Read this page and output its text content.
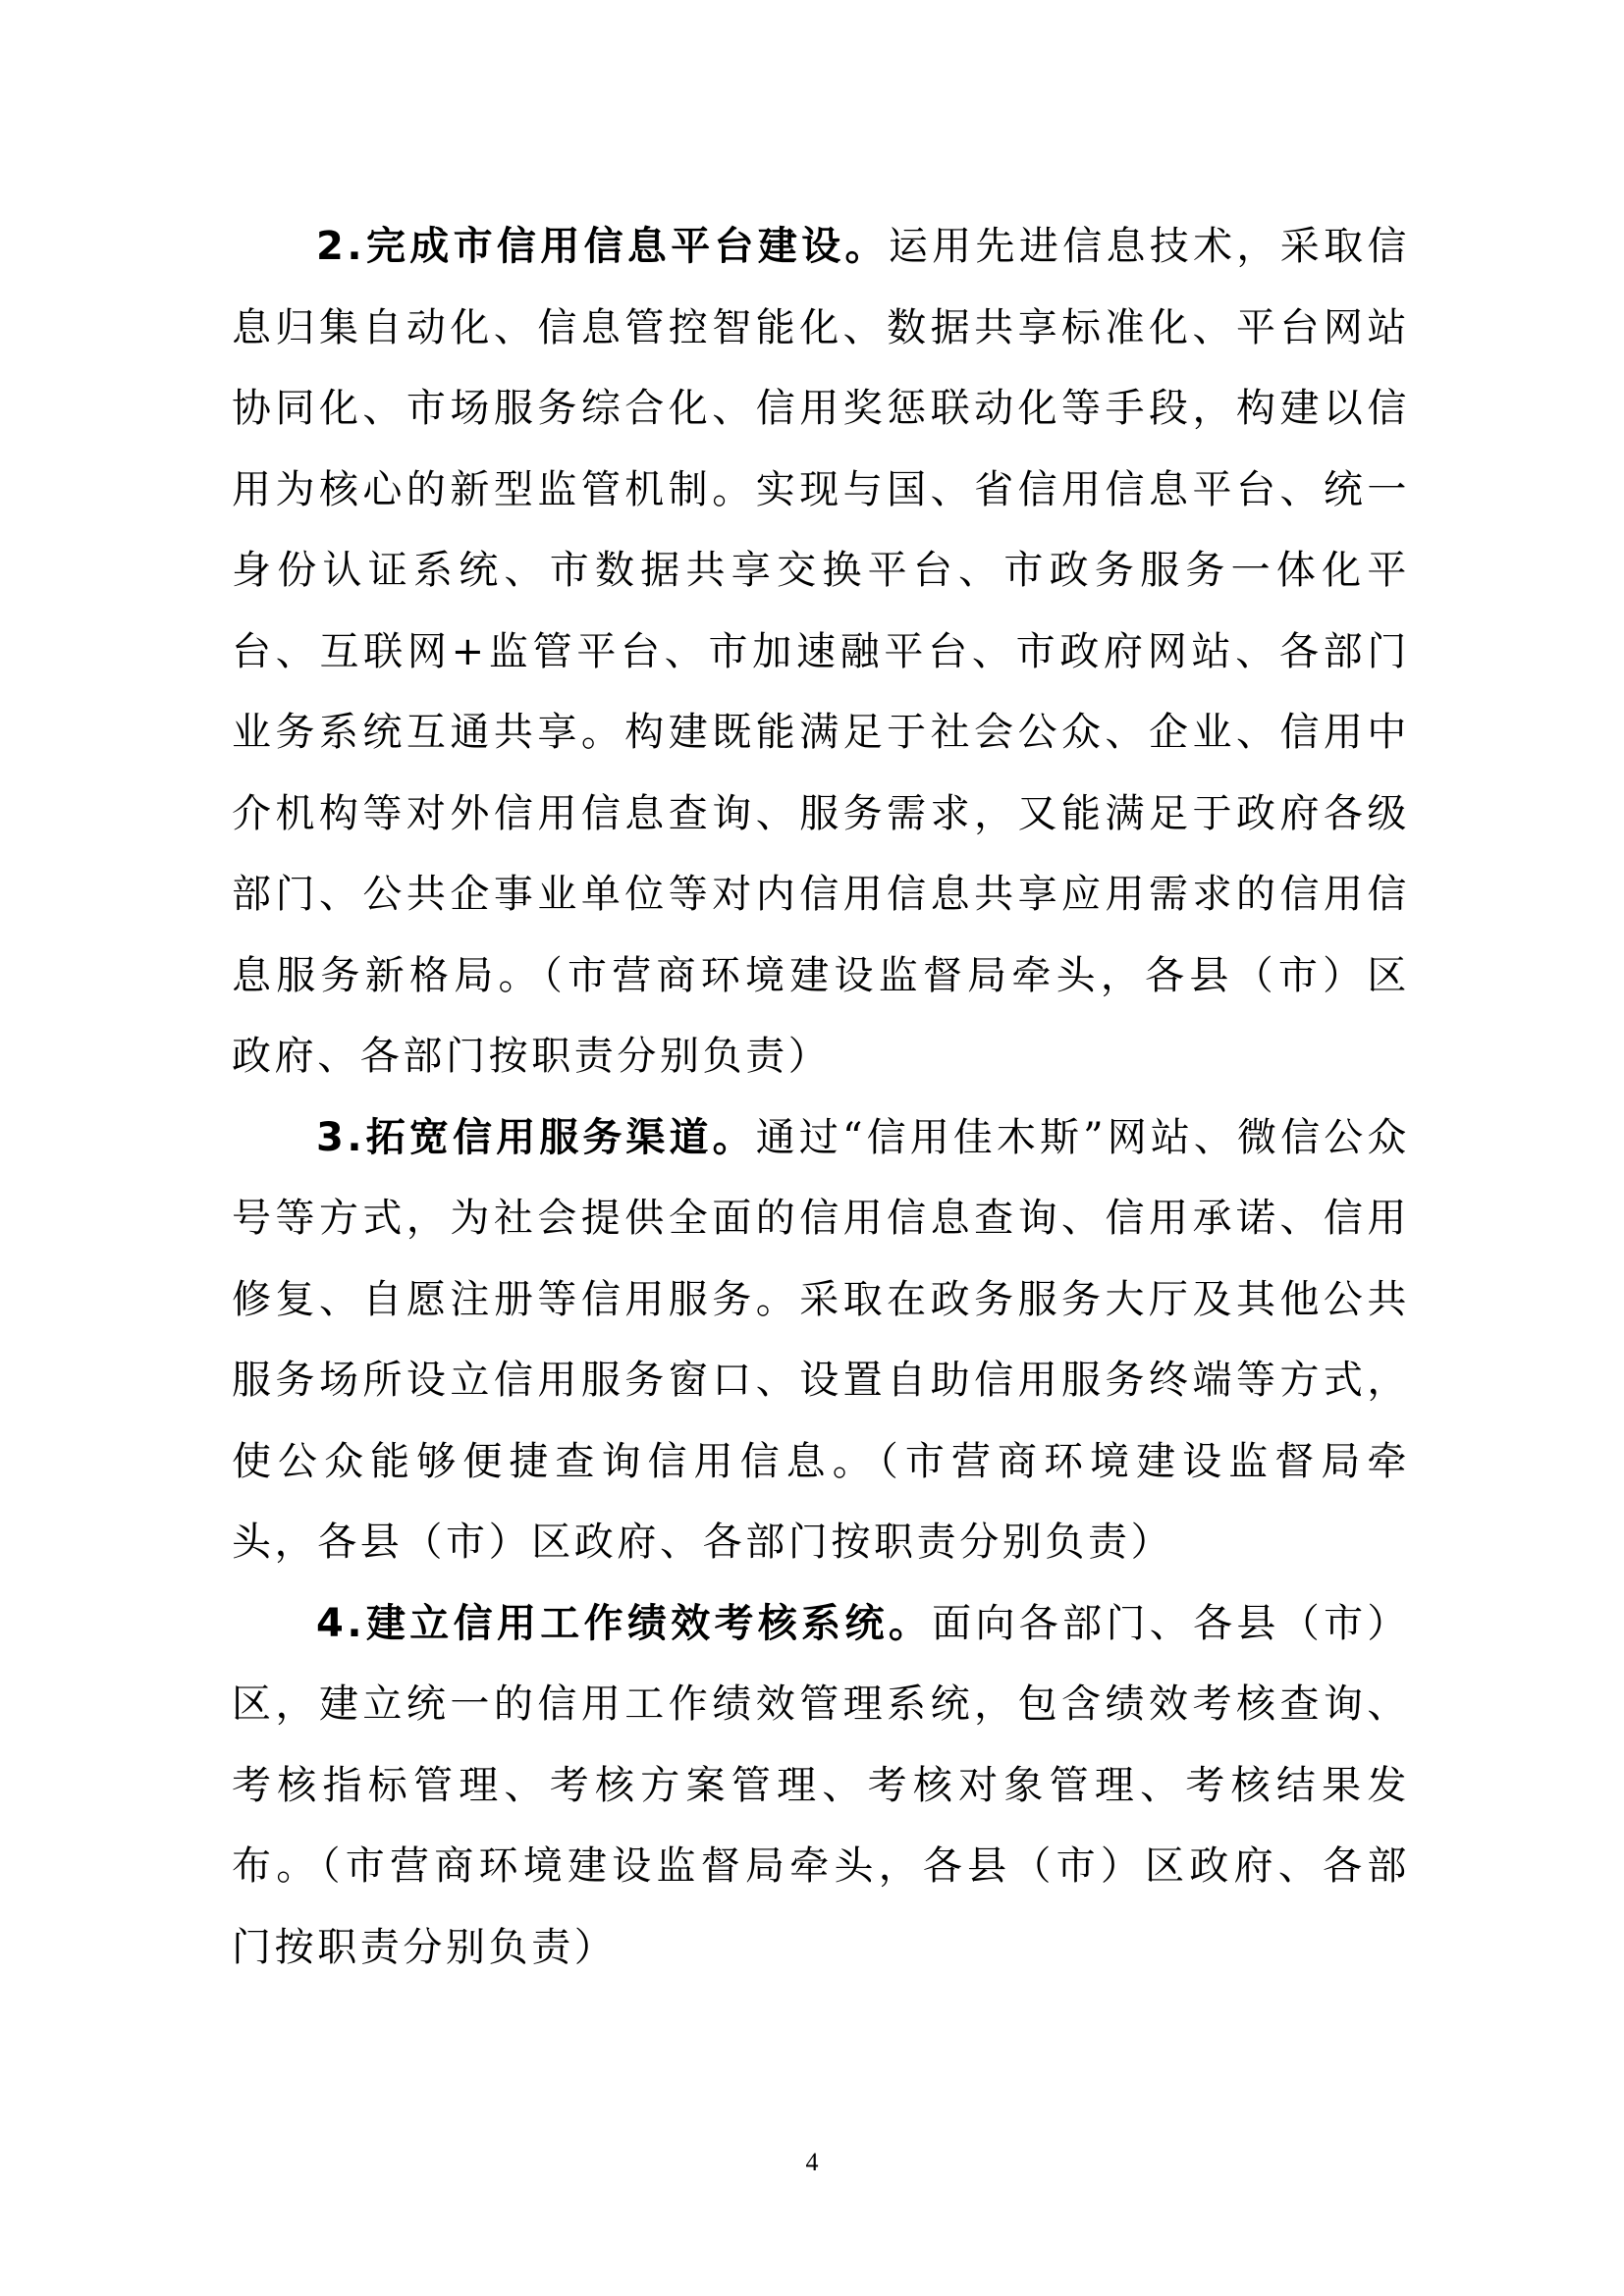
2.完成市信用信息平台建设。运用先进信息技术，采取信息归集自动化、信息管控智能化、数据共享标准化、平台网站协同化、市场服务综合化、信用奖惩联动化等手段，构建以信用为核心的新型监管机制。实现与国、省信用信息平台、统一身份认证系统、市数据共享交换平台、市政务服务一体化平台、互联网+监管平台、市加速融平台、市政府网站、各部门业务系统互通共享。构建既能满足于社会公众、企业、信用中介机构等对外信用信息查询、服务需求，又能满足于政府各级部门、公共企事业单位等对内信用信息共享应用需求的信用信息服务新格局。（市营商环境建设监督局牵头，各县（市）区政府、各部门按职责分别负责）

3.拓宽信用服务渠道。通过“信用佳木斯”网站、微信公众号等方式，为社会提供全面的信用信息查询、信用承诺、信用修复、自愿注册等信用服务。采取在政务服务大厅及其他公共服务场所设立信用服务窗口、设置自助信用服务终端等方式，使公众能够便捷查询信用信息。（市营商环境建设监督局牵头，各县（市）区政府、各部门按职责分别负责）

4.建立信用工作绩效考核系统。面向各部门、各县（市）区，建立统一的信用工作绩效管理系统，包含绩效考核查询、考核指标管理、考核方案管理、考核对象管理、考核结果发布。（市营商环境建设监督局牵头，各县（市）区政府、各部门按职责分别负责）

4
